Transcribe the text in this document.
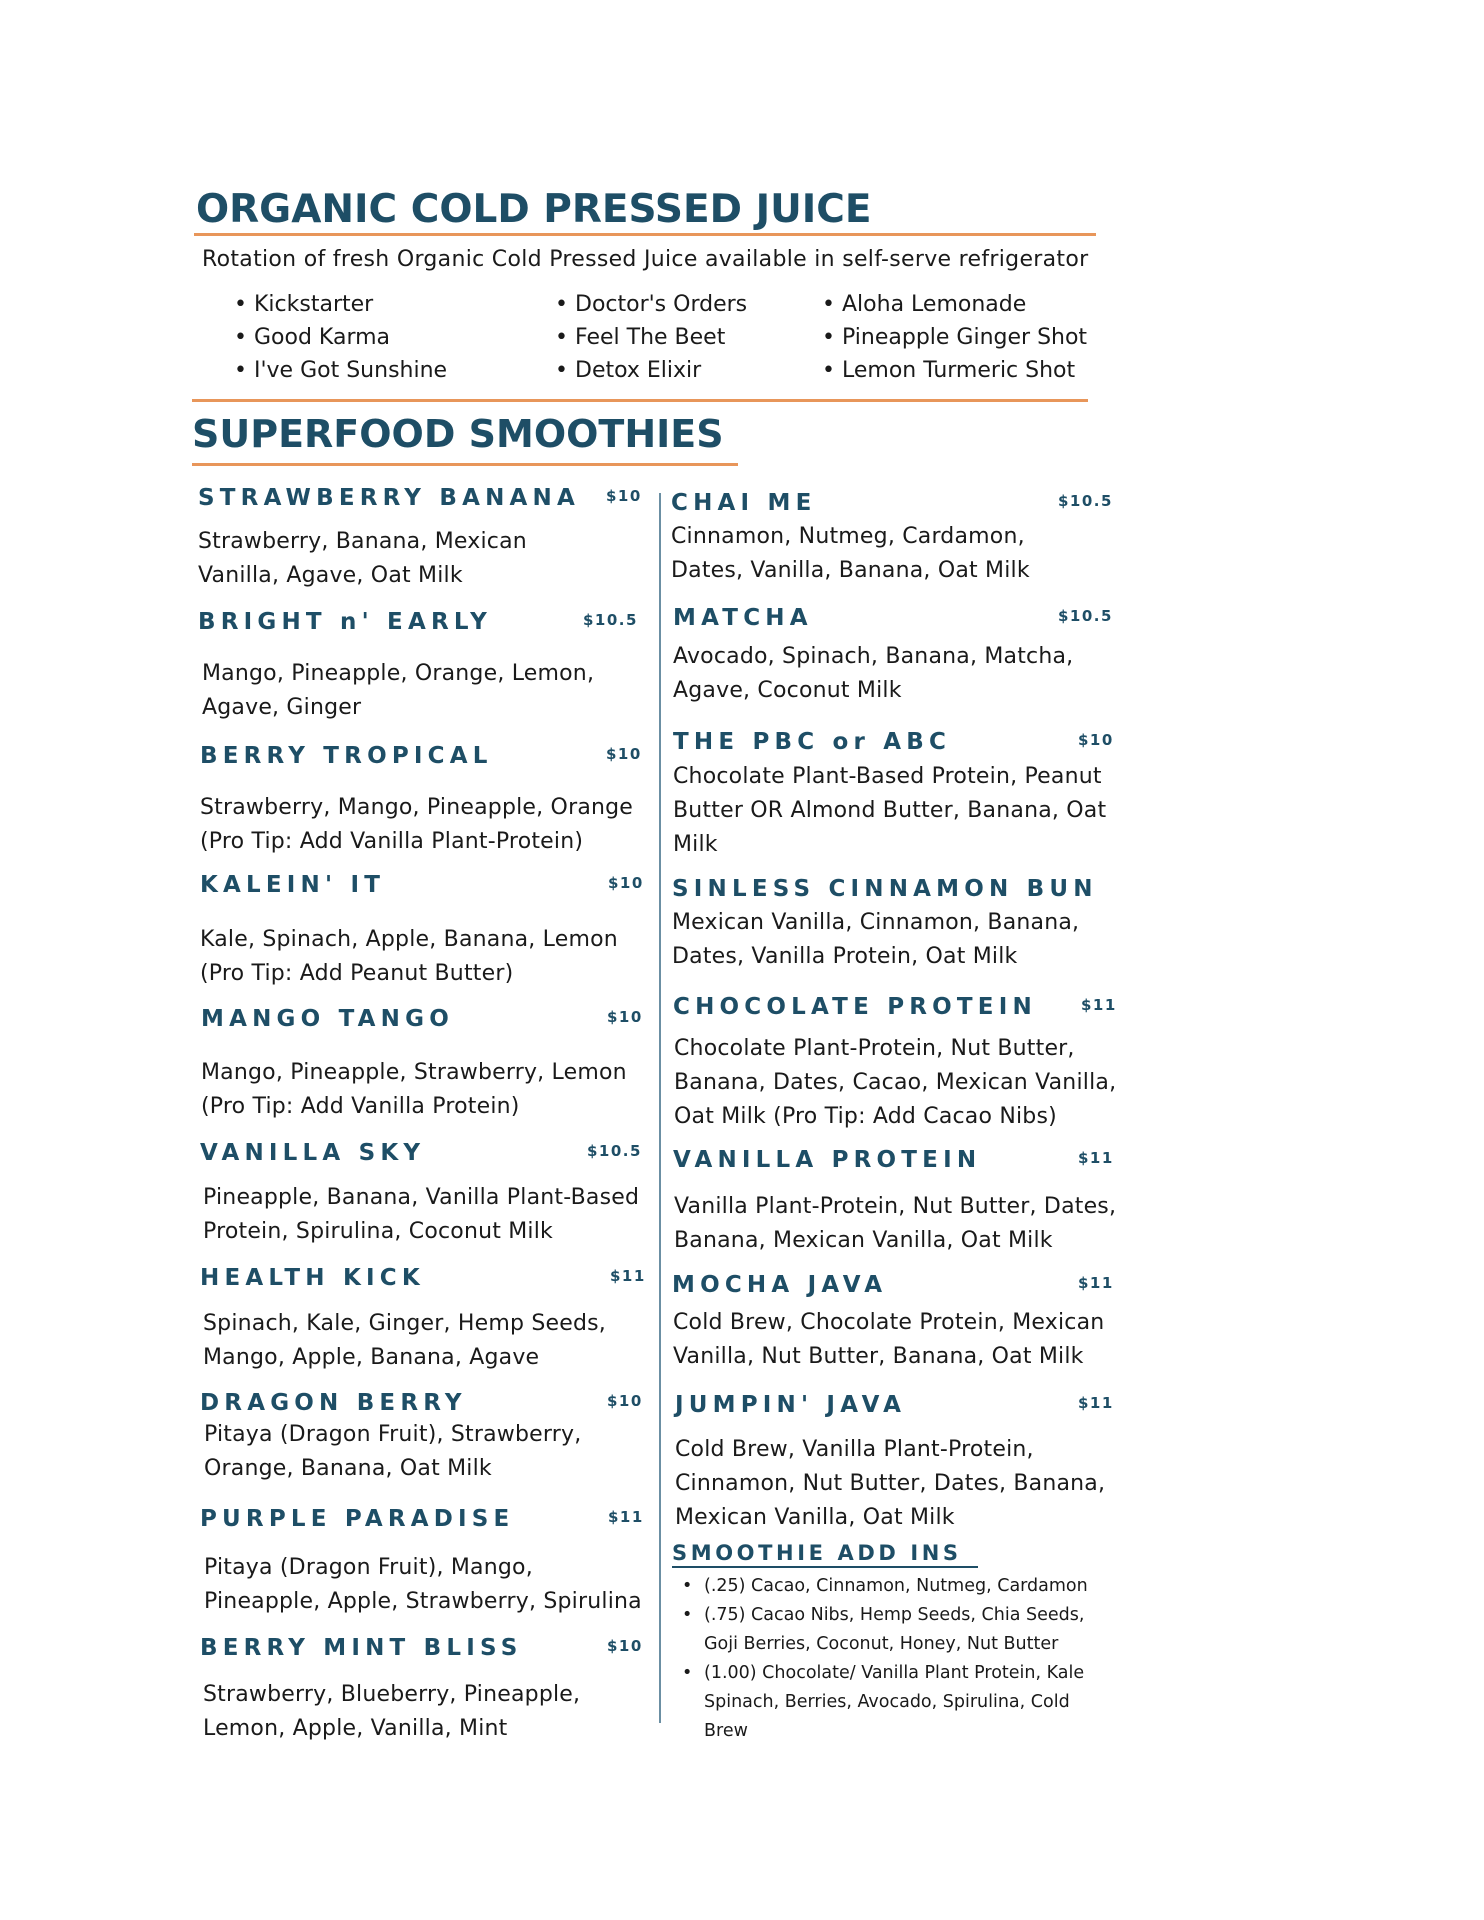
ORGANIC COLD PRESSED JUICE
Rotation of fresh Organic Cold Pressed Juice available in self-serve refrigerator
• Kickstarter
• Good Karma
• I've Got Sunshine
• Doctor's Orders
• Feel The Beet
• Detox Elixir
• Aloha Lemonade
• Pineapple Ginger Shot
• Lemon Turmeric Shot
SUPERFOOD SMOOTHIES
STRAWBERRY BANANA $10
Strawberry, Banana, Mexican
Vanilla, Agave, Oat Milk
BRIGHT n' EARLY	$10.5
Mango, Pineapple, Orange, Lemon,
Agave, Ginger
BERRY TROPICAL	$10
Strawberry, Mango, Pineapple, Orange
(Pro Tip: Add Vanilla Plant-Protein)
KALEIN' IT	$10
Kale, Spinach, Apple, Banana, Lemon
(Pro Tip: Add Peanut Butter)
MANGO TANGO	$10
Mango, Pineapple, Strawberry, Lemon
(Pro Tip: Add Vanilla Protein)
VANILLA SKY	$10.5
Pineapple, Banana, Vanilla Plant-Based
Protein, Spirulina, Coconut Milk
HEALTH KICK	$11
Spinach, Kale, Ginger, Hemp Seeds,
Mango, Apple, Banana, Agave
DRAGON BERRY	$10
Pitaya (Dragon Fruit), Strawberry,
Orange, Banana, Oat Milk
PURPLE PARADISE	$11
Pitaya (Dragon Fruit), Mango,
Pineapple, Apple, Strawberry, Spirulina
BERRY MINT BLISS	$10
Strawberry, Blueberry, Pineapple,
Lemon, Apple, Vanilla, Mint
CHAI ME	$10.5
Cinnamon, Nutmeg, Cardamon,
Dates, Vanilla, Banana, Oat Milk
MATCHA	$10.5
Avocado, Spinach, Banana, Matcha,
Agave, Coconut Milk
THE PBC or ABC	$10
Chocolate Plant-Based Protein, Peanut
Butter OR Almond Butter, Banana, Oat
Milk
SINLESS CINNAMON BUN
Mexican Vanilla, Cinnamon, Banana,
Dates, Vanilla Protein, Oat Milk
CHOCOLATE PROTEIN	$11
Chocolate Plant-Protein, Nut Butter,
Banana, Dates, Cacao, Mexican Vanilla,
Oat Milk (Pro Tip: Add Cacao Nibs)
VANILLA PROTEIN	$11
Vanilla Plant-Protein, Nut Butter, Dates,
Banana, Mexican Vanilla, Oat Milk
MOCHA JAVA	$11
Cold Brew, Chocolate Protein, Mexican
Vanilla, Nut Butter, Banana, Oat Milk
JUMPIN' JAVA	$11
Cold Brew, Vanilla Plant-Protein,
Cinnamon, Nut Butter, Dates, Banana,
Mexican Vanilla, Oat Milk
SMOOTHIE ADD INS
• (.25) Cacao, Cinnamon, Nutmeg, Cardamon
• (.75) Cacao Nibs, Hemp Seeds, Chia Seeds,
Goji Berries, Coconut, Honey, Nut Butter
• (1.00) Chocolate/ Vanilla Plant Protein, Kale
Spinach, Berries, Avocado, Spirulina, Cold
Brew
